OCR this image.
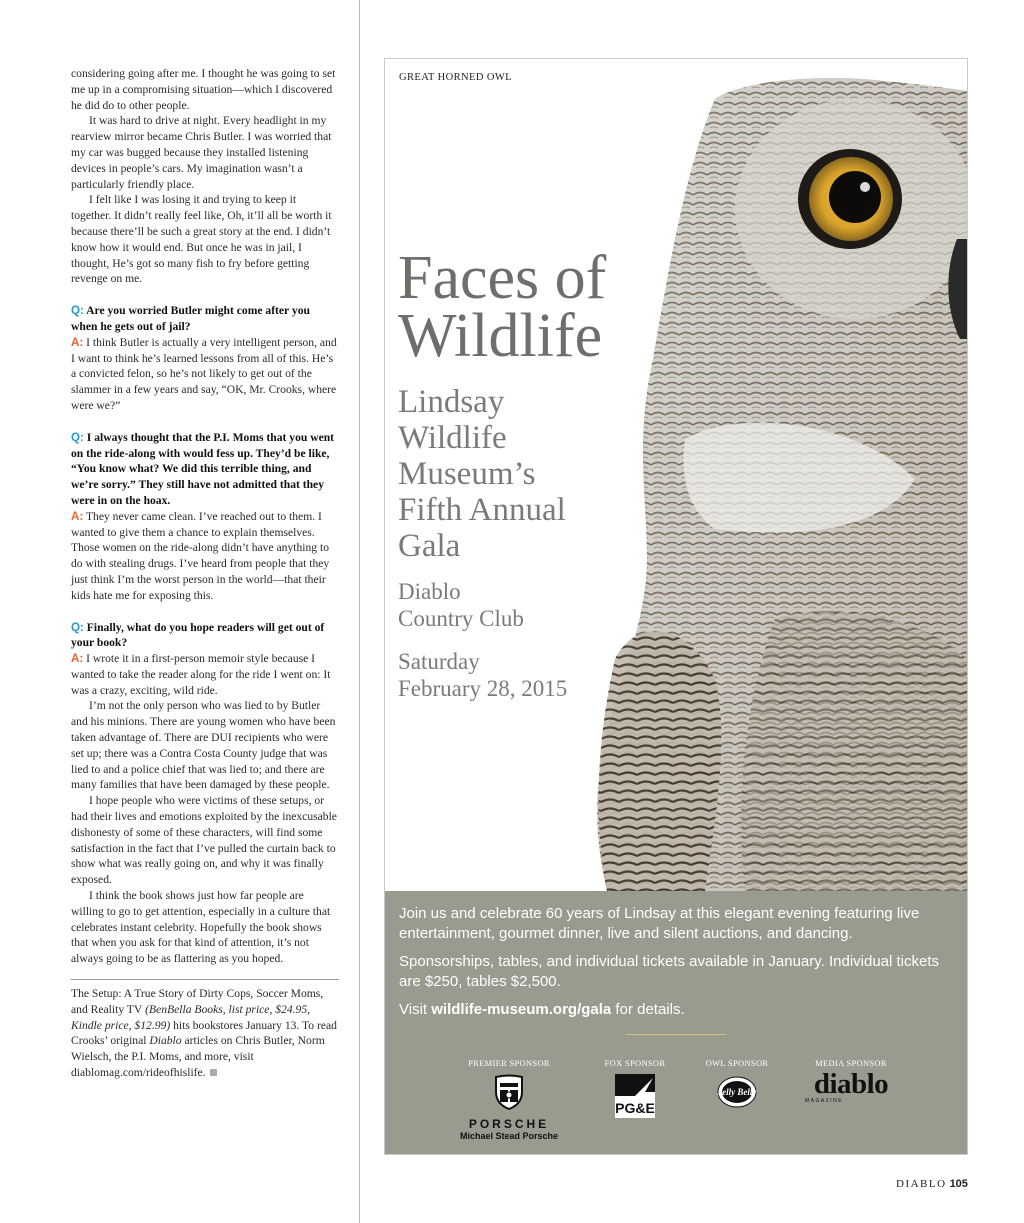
considering going after me. I thought he was going to set me up in a compromising situation—which I discovered he did do to other people.

It was hard to drive at night. Every headlight in my rearview mirror became Chris Butler. I was worried that my car was bugged because they installed listening devices in people’s cars. My imagination wasn’t a particularly friendly place.

I felt like I was losing it and trying to keep it together. It didn’t really feel like, Oh, it’ll all be worth it because there’ll be such a great story at the end. I didn’t know how it would end. But once he was in jail, I thought, He’s got so many fish to fry before getting revenge on me.

Q: Are you worried Butler might come after you when he gets out of jail?

A: I think Butler is actually a very intelligent person, and I want to think he’s learned lessons from all of this. He’s a convicted felon, so he’s not likely to get out of the slammer in a few years and say, “OK, Mr. Crooks, where were we?”

Q: I always thought that the P.I. Moms that you went on the ride-along with would fess up. They’d be like, “You know what? We did this terrible thing, and we’re sorry.” They still have not admitted that they were in on the hoax.

A: They never came clean. I’ve reached out to them. I wanted to give them a chance to explain themselves. Those women on the ride-along didn’t have anything to do with stealing drugs. I’ve heard from people that they just think I’m the worst person in the world—that their kids hate me for exposing this.

Q: Finally, what do you hope readers will get out of your book?

A: I wrote it in a first-person memoir style because I wanted to take the reader along for the ride I went on: It was a crazy, exciting, wild ride.

I’m not the only person who was lied to by Butler and his minions. There are young women who have been taken advantage of. There are DUI recipients who were set up; there was a Contra Costa County judge that was lied to and a police chief that was lied to; and there are many families that have been damaged by these people.

I hope people who were victims of these setups, or had their lives and emotions exploited by the inexcusable dishonesty of some of these characters, will find some satisfaction in the fact that I’ve pulled the curtain back to show what was really going on, and why it was finally exposed.

I think the book shows just how far people are willing to go to get attention, especially in a culture that celebrates instant celebrity. Hopefully the book shows that when you ask for that kind of attention, it’s not always going to be as flattering as you hoped.

The Setup: A True Story of Dirty Cops, Soccer Moms, and Reality TV (BenBella Books, list price, $24.95, Kindle price, $12.99) hits bookstores January 13. To read Crooks’ original Diablo articles on Chris Butler, Norm Wielsch, the P.I. Moms, and more, visit diablomag.com/rideofhislife.

GREAT HORNED OWL
Faces of
Wildlife
Lindsay
Wildlife
Museum’s
Fifth Annual
Gala
Diablo
Country Club
Saturday
February 28, 2015

Join us and celebrate 60 years of Lindsay at this elegant evening featuring live entertainment, gourmet dinner, live and silent auctions, and dancing.

Sponsorships, tables, and individual tickets available in January. Individual tickets are $250, tables $2,500.

Visit wildlife-museum.org/gala for details.

PREMIER SPONSOR
PORSCHE
Michael Stead Porsche
FOX SPONSOR
PG&E
OWL SPONSOR
Jelly Belly
MEDIA SPONSOR
diablo
MAGAZINE
DIABLO 105
